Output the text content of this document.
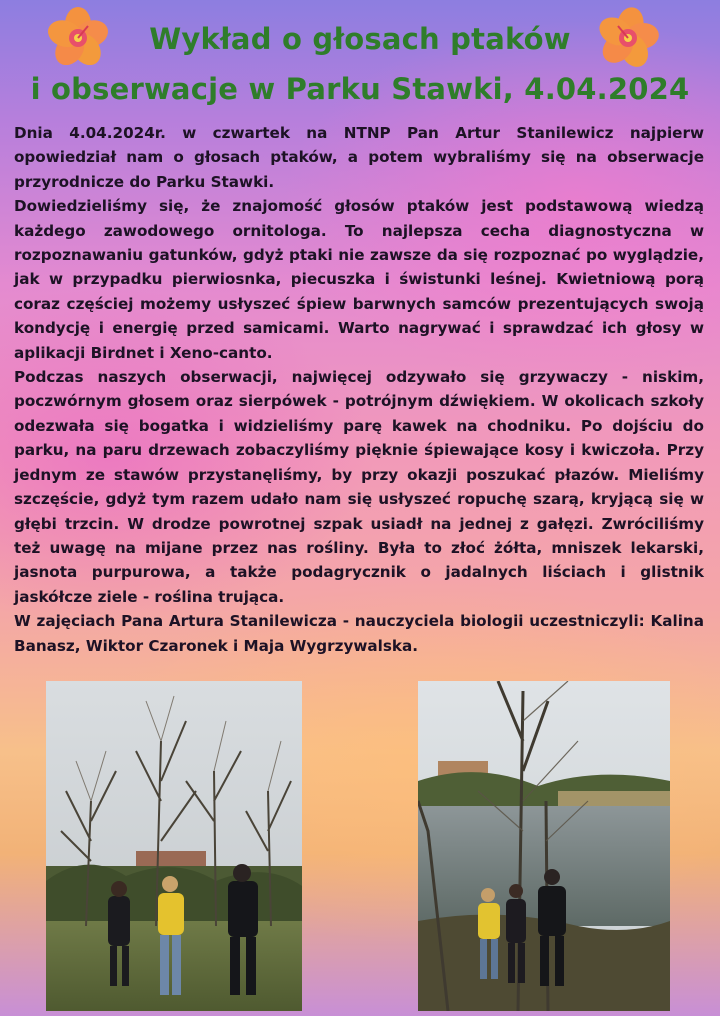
Wykład o głosach ptaków
i obserwacje w Parku Stawki, 4.04.2024

Dnia 4.04.2024r. w czwartek na NTNP Pan Artur Stanilewicz najpierw opowiedział nam o głosach ptaków, a potem wybraliśmy się na obserwacje przyrodnicze do Parku Stawki.

Dowiedzieliśmy się, że znajomość głosów ptaków jest podstawową wiedzą każdego zawodowego ornitologa. To najlepsza cecha diagnostyczna w rozpoznawaniu gatunków, gdyż ptaki nie zawsze da się rozpoznać po wyglądzie, jak w przypadku pierwiosnka, piecuszka i świstunki leśnej. Kwietniową porą coraz częściej możemy usłyszeć śpiew barwnych samców prezentujących swoją kondycję i energię przed samicami. Warto nagrywać i sprawdzać ich głosy w aplikacji Birdnet i Xeno-canto.

Podczas naszych obserwacji, najwięcej odzywało się grzywaczy - niskim, poczwórnym głosem oraz sierpówek - potrójnym dźwiękiem. W okolicach szkoły odezwała się bogatka i widzieliśmy parę kawek na chodniku. Po dojściu do parku, na paru drzewach zobaczyliśmy pięknie śpiewające kosy i kwiczoła. Przy jednym ze stawów przystanęliśmy, by przy okazji poszukać płazów. Mieliśmy szczęście, gdyż tym razem udało nam się usłyszeć ropuchę szarą, kryjącą się w głębi trzcin. W drodze powrotnej szpak usiadł na jednej z gałęzi. Zwróciliśmy też uwagę na mijane przez nas rośliny. Była to złoć żółta, mniszek lekarski, jasnota purpurowa, a także podagrycznik o jadalnych liściach i glistnik jaskółcze ziele - roślina trująca.

W zajęciach Pana Artura Stanilewicza - nauczyciela biologii uczestniczyli: Kalina Banasz, Wiktor Czaronek i Maja Wygrzywalska.
